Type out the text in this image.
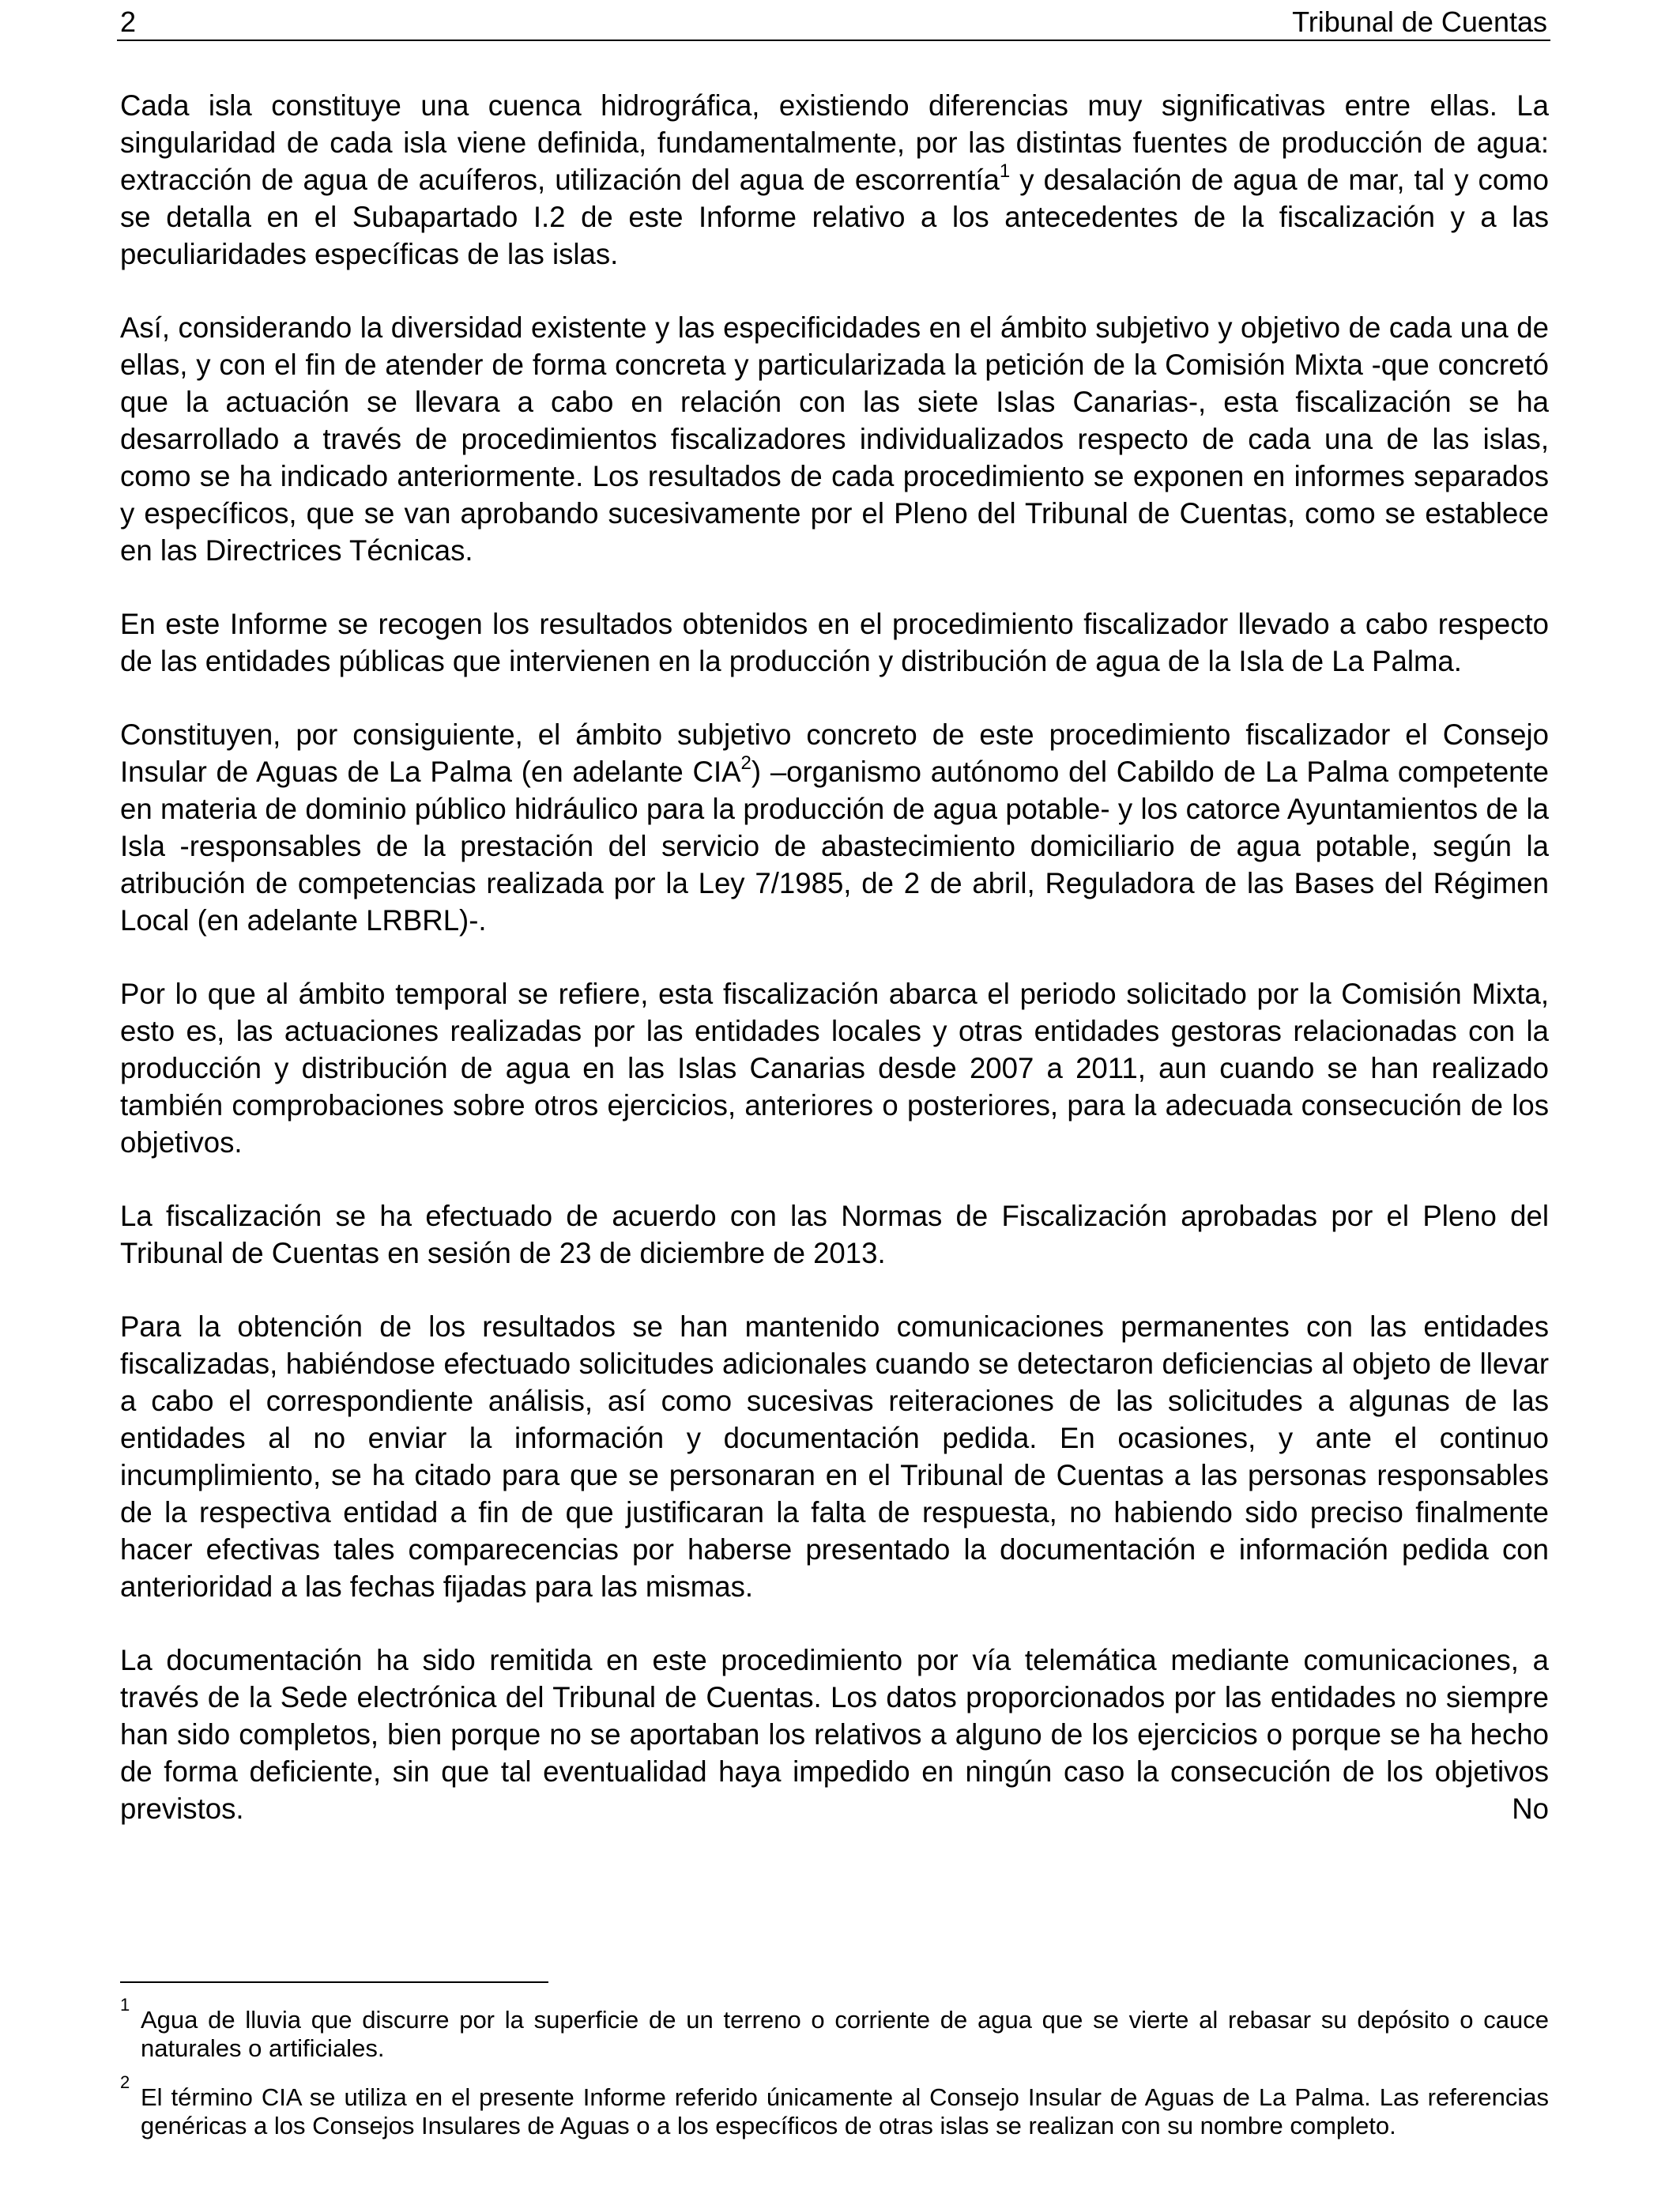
2	Tribunal de Cuentas

Cada isla constituye una cuenca hidrográfica, existiendo diferencias muy significativas entre ellas. La singularidad de cada isla viene definida, fundamentalmente, por las distintas fuentes de producción de agua: extracción de agua de acuíferos, utilización del agua de escorrentía$^1$ y desalación de agua de mar, tal y como se detalla en el Subapartado I.2 de este Informe relativo a los antecedentes de la fiscalización y a las peculiaridades específicas de las islas.

Así, considerando la diversidad existente y las especificidades en el ámbito subjetivo y objetivo de cada una de ellas, y con el fin de atender de forma concreta y particularizada la petición de la Comisión Mixta -que concretó que la actuación se llevara a cabo en relación con las siete Islas Canarias-, esta fiscalización se ha desarrollado a través de procedimientos fiscalizadores individualizados respecto de cada una de las islas, como se ha indicado anteriormente. Los resultados de cada procedimiento se exponen en informes separados y específicos, que se van aprobando sucesivamente por el Pleno del Tribunal de Cuentas, como se establece en las Directrices Técnicas.

En este Informe se recogen los resultados obtenidos en el procedimiento fiscalizador llevado a cabo respecto de las entidades públicas que intervienen en la producción y distribución de agua de la Isla de La Palma.

Constituyen, por consiguiente, el ámbito subjetivo concreto de este procedimiento fiscalizador el Consejo Insular de Aguas de La Palma (en adelante CIA$^2$) –organismo autónomo del Cabildo de La Palma competente en materia de dominio público hidráulico para la producción de agua potable- y los catorce Ayuntamientos de la Isla -responsables de la prestación del servicio de abastecimiento domiciliario de agua potable, según la atribución de competencias realizada por la Ley 7/1985, de 2 de abril, Reguladora de las Bases del Régimen Local (en adelante LRBRL)-.

Por lo que al ámbito temporal se refiere, esta fiscalización abarca el periodo solicitado por la Comisión Mixta, esto es, las actuaciones realizadas por las entidades locales y otras entidades gestoras relacionadas con la producción y distribución de agua en las Islas Canarias desde 2007 a 2011, aun cuando se han realizado también comprobaciones sobre otros ejercicios, anteriores o posteriores, para la adecuada consecución de los objetivos.

La fiscalización se ha efectuado de acuerdo con las Normas de Fiscalización aprobadas por el Pleno del Tribunal de Cuentas en sesión de 23 de diciembre de 2013.

Para la obtención de los resultados se han mantenido comunicaciones permanentes con las entidades fiscalizadas, habiéndose efectuado solicitudes adicionales cuando se detectaron deficiencias al objeto de llevar a cabo el correspondiente análisis, así como sucesivas reiteraciones de las solicitudes a algunas de las entidades al no enviar la información y documentación pedida. En ocasiones, y ante el continuo incumplimiento, se ha citado para que se personaran en el Tribunal de Cuentas a las personas responsables de la respectiva entidad a fin de que justificaran la falta de respuesta, no habiendo sido preciso finalmente hacer efectivas tales comparecencias por haberse presentado la documentación e información pedida con anterioridad a las fechas fijadas para las mismas.

La documentación ha sido remitida en este procedimiento por vía telemática mediante comunicaciones, a través de la Sede electrónica del Tribunal de Cuentas. Los datos proporcionados por las entidades no siempre han sido completos, bien porque no se aportaban los relativos a alguno de los ejercicios o porque se ha hecho de forma deficiente, sin que tal eventualidad haya impedido en ningún caso la consecución de los objetivos previstos. No

1
Agua de lluvia que discurre por la superficie de un terreno o corriente de agua que se vierte al rebasar su depósito o cauce naturales o artificiales.
2
El término CIA se utiliza en el presente Informe referido únicamente al Consejo Insular de Aguas de La Palma. Las referencias genéricas a los Consejos Insulares de Aguas o a los específicos de otras islas se realizan con su nombre completo.
